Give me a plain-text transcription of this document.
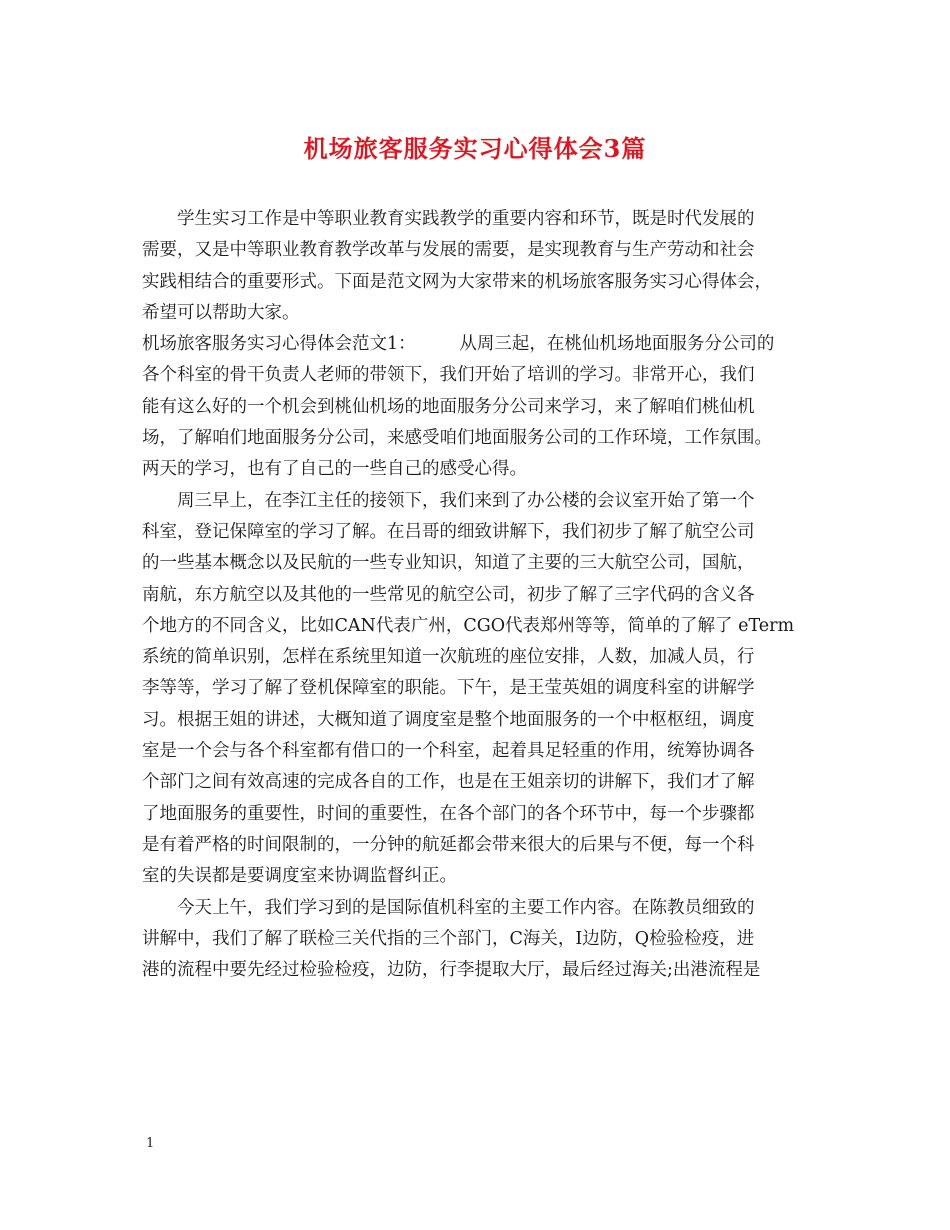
机场旅客服务实习心得体会3篇
学生实习工作是中等职业教育实践教学的重要内容和环节，既是时代发展的
需要，又是中等职业教育教学改革与发展的需要，是实现教育与生产劳动和社会
实践相结合的重要形式。下面是范文网为大家带来的机场旅客服务实习心得体会，
希望可以帮助大家。
机场旅客服务实习心得体会范文1：　　　从周三起，在桃仙机场地面服务分公司的
各个科室的骨干负责人老师的带领下，我们开始了培训的学习。非常开心，我们
能有这么好的一个机会到桃仙机场的地面服务分公司来学习，来了解咱们桃仙机
场，了解咱们地面服务分公司，来感受咱们地面服务公司的工作环境，工作氛围。
两天的学习，也有了自己的一些自己的感受心得。
周三早上，在李江主任的接领下，我们来到了办公楼的会议室开始了第一个
科室，登记保障室的学习了解。在吕哥的细致讲解下，我们初步了解了航空公司
的一些基本概念以及民航的一些专业知识，知道了主要的三大航空公司，国航，
南航，东方航空以及其他的一些常见的航空公司，初步了解了三字代码的含义各
个地方的不同含义，比如CAN代表广州，CGO代表郑州等等，简单的了解了 eTerm
系统的简单识别，怎样在系统里知道一次航班的座位安排，人数，加减人员，行
李等等，学习了解了登机保障室的职能。下午，是王莹英姐的调度科室的讲解学
习。根据王姐的讲述，大概知道了调度室是整个地面服务的一个中枢枢纽，调度
室是一个会与各个科室都有借口的一个科室，起着具足轻重的作用，统筹协调各
个部门之间有效高速的完成各自的工作，也是在王姐亲切的讲解下，我们才了解
了地面服务的重要性，时间的重要性，在各个部门的各个环节中，每一个步骤都
是有着严格的时间限制的，一分钟的航延都会带来很大的后果与不便，每一个科
室的失误都是要调度室来协调监督纠正。
今天上午，我们学习到的是国际值机科室的主要工作内容。在陈教员细致的
讲解中，我们了解了联检三关代指的三个部门，C海关，I边防，Q检验检疫，进
港的流程中要先经过检验检疫，边防，行李提取大厅，最后经过海关;出港流程是
1
